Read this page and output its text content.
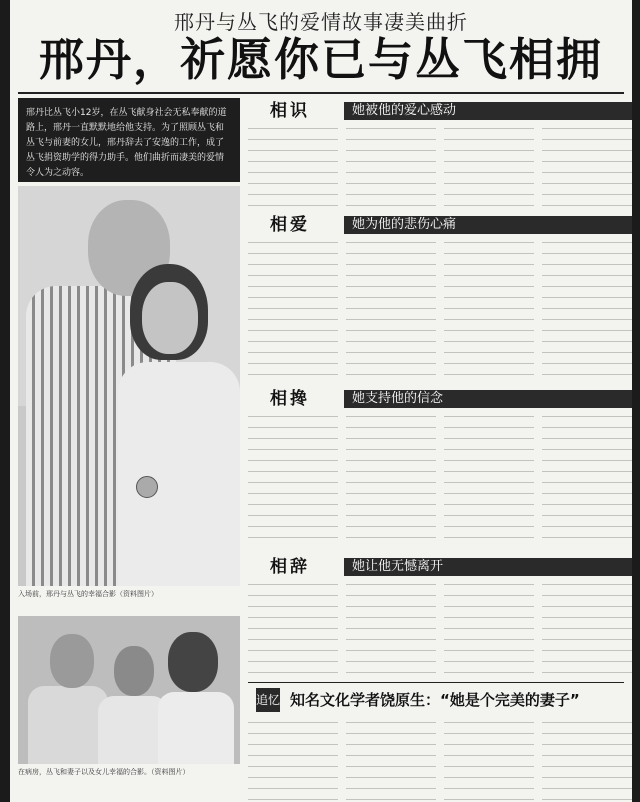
邢丹与丛飞的爱情故事凄美曲折
邢丹，祈愿你已与丛飞相拥
邢丹比丛飞小12岁，在丛飞献身社会无私奉献的道路上，邢丹一直默默地给他支持。为了照顾丛飞和丛飞与前妻的女儿，邢丹辞去了安逸的工作，成了丛飞捐资助学的得力助手。他们曲折而凄美的爱情令人为之动容。
入场前，邢丹与丛飞的幸福合影（资料图片）
在病房，丛飞和妻子以及女儿幸福的合影。（资料图片）
相识	她被他的爱心感动
相爱	她为他的悲伤心痛
相搀	她支持他的信念
相辞	她让他无憾离开
追忆 知名文化学者饶原生：“她是个完美的妻子”
